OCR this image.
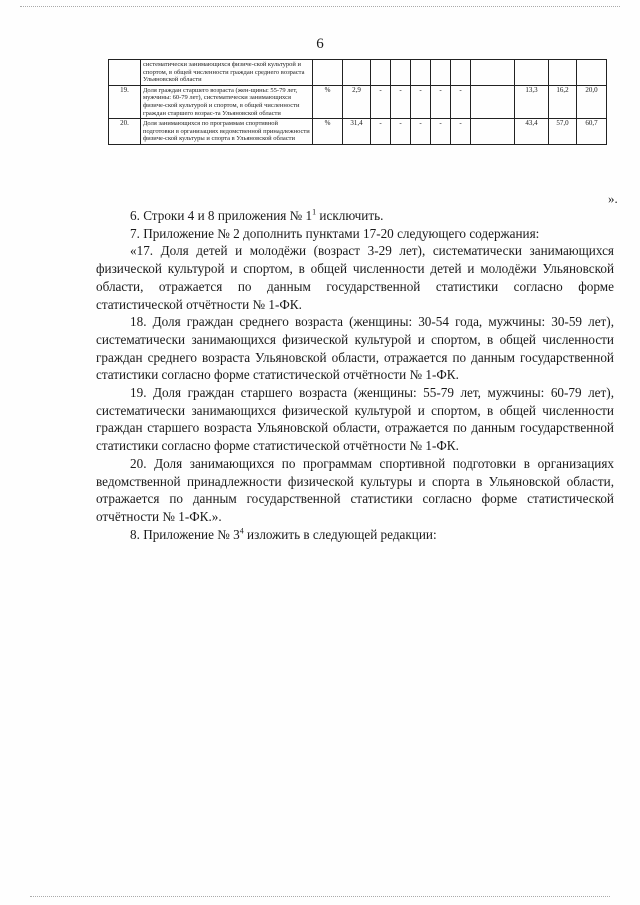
6
	систематически занимающихся физиче-ской культурой и спортом, в общей численности граждан среднего возраста Ульяновской области											
19.	Доля граждан старшего возраста (жен-щины: 55-79 лет, мужчины: 60-79 лет), систематически занимающихся физиче-ской культурой и спортом, в общей численности граждан старшего возрас-та Ульяновской области	%	2,9	-	-	-	-	-		13,3	16,2	20,0
20.	Доля занимающихся по программам спортивной подготовки в организациях ведомственной принадлежности физиче-ской культуры и спорта в Ульяновской области	%	31,4	-	-	-	-	-		43,4	57,0	60,7
».

6. Строки 4 и 8 приложения № $1^1$ исключить.

7. Приложение № 2 дополнить пунктами 17-20 следующего содержания:

«17. Доля детей и молодёжи (возраст 3-29 лет), систематически занимающихся физической культурой и спортом, в общей численности детей и молодёжи Ульяновской области, отражается по данным государственной статистики согласно форме статистической отчётности № 1-ФК.

18. Доля граждан среднего возраста (женщины: 30-54 года, мужчины: 30-59 лет), систематически занимающихся физической культурой и спортом, в общей численности граждан среднего возраста Ульяновской области, отражается по данным государственной статистики согласно форме статистической отчётности № 1-ФК.

19. Доля граждан старшего возраста (женщины: 55-79 лет, мужчины: 60-79 лет), систематически занимающихся физической культурой и спортом, в общей численности граждан старшего возраста Ульяновской области, отражается по данным государственной статистики согласно форме статистической отчётности № 1-ФК.

20. Доля занимающихся по программам спортивной подготовки в организациях ведомственной принадлежности физической культуры и спорта в Ульяновской области, отражается по данным государственной статистики согласно форме статистической отчётности № 1-ФК.».

8. Приложение № $3^4$ изложить в следующей редакции:
